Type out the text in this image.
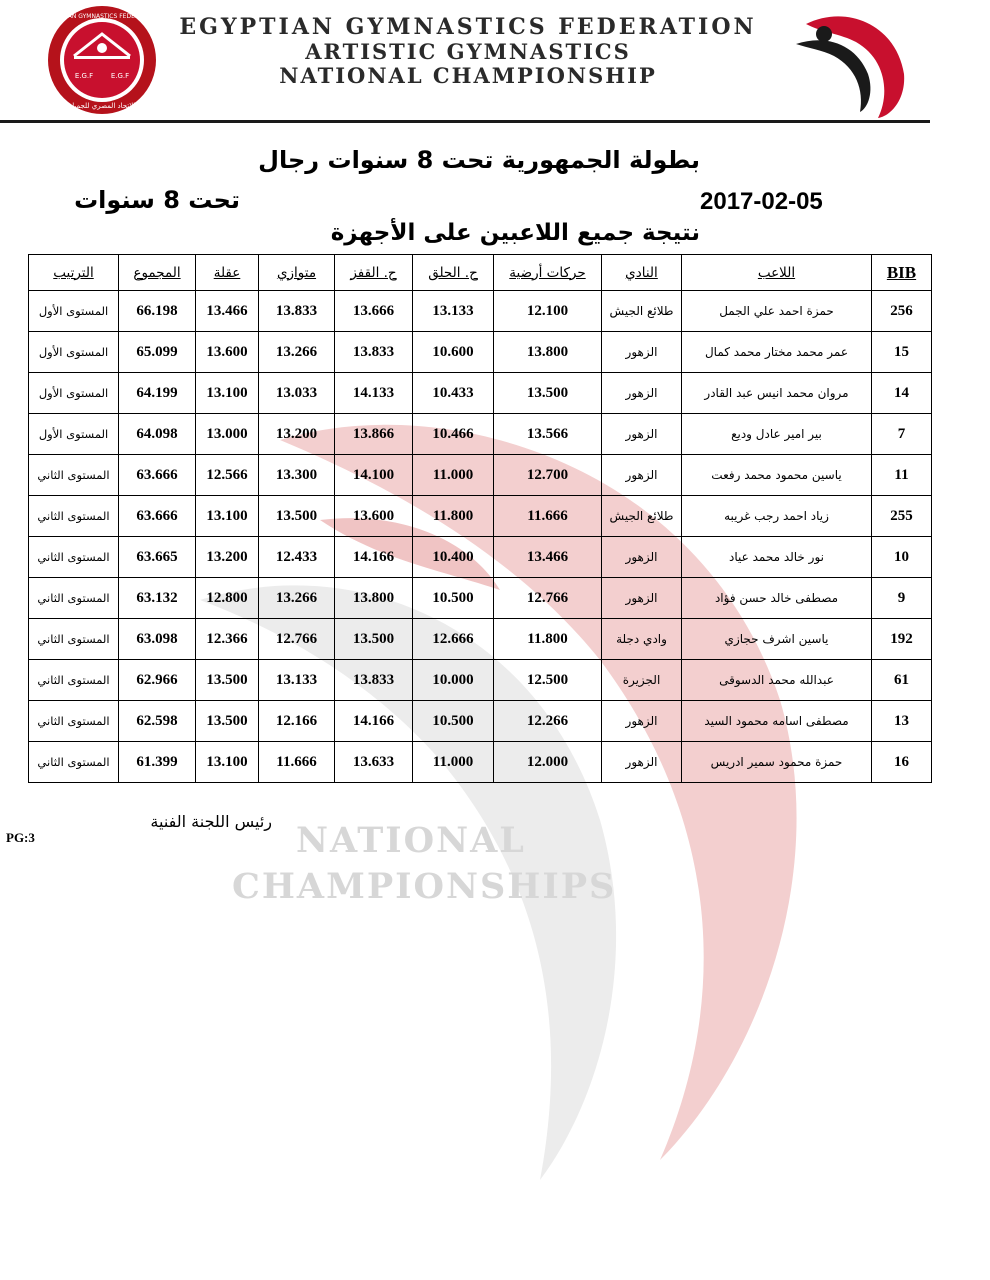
E.G.F	E.G.F
EGYPTIAN GYMNASTICS FEDERATION
الاتحاد المصري للجمباز
EGYPTIAN GYMNASTICS FEDERATION
ARTISTIC GYMNASTICS
NATIONAL CHAMPIONSHIP
NATIONAL
CHAMPIONSHIPS
بطولة الجمهورية تحت 8 سنوات رجال
2017-02-05
تحت 8 سنوات
نتيجة جميع اللاعبين على الأجهزة
BIB	اللاعب	النادي	حركات أرضية	ح. الحلق	ح. القفز	متوازي	عقلة	المجموع	الترتيب
256	حمزة احمد علي الجمل	طلائع الجيش	12.100	13.133	13.666	13.833	13.466	66.198	المستوى الأول
15	عمر محمد مختار محمد كمال	الزهور	13.800	10.600	13.833	13.266	13.600	65.099	المستوى الأول
14	مروان محمد انيس عبد القادر	الزهور	13.500	10.433	14.133	13.033	13.100	64.199	المستوى الأول
7	بير امير عادل وديع	الزهور	13.566	10.466	13.866	13.200	13.000	64.098	المستوى الأول
11	ياسين محمود محمد رفعت	الزهور	12.700	11.000	14.100	13.300	12.566	63.666	المستوى الثاني
255	زياد احمد رجب غريبه	طلائع الجيش	11.666	11.800	13.600	13.500	13.100	63.666	المستوى الثاني
10	نور خالد محمد عياد	الزهور	13.466	10.400	14.166	12.433	13.200	63.665	المستوى الثاني
9	مصطفى خالد حسن فؤاد	الزهور	12.766	10.500	13.800	13.266	12.800	63.132	المستوى الثاني
192	ياسين اشرف حجازي	وادي دجلة	11.800	12.666	13.500	12.766	12.366	63.098	المستوى الثاني
61	عبدالله محمد الدسوقى	الجزيرة	12.500	10.000	13.833	13.133	13.500	62.966	المستوى الثاني
13	مصطفى اسامه محمود السيد	الزهور	12.266	10.500	14.166	12.166	13.500	62.598	المستوى الثاني
16	حمزة محمود سمير ادريس	الزهور	12.000	11.000	13.633	11.666	13.100	61.399	المستوى الثاني
رئيس اللجنة الفنية
PG:3
